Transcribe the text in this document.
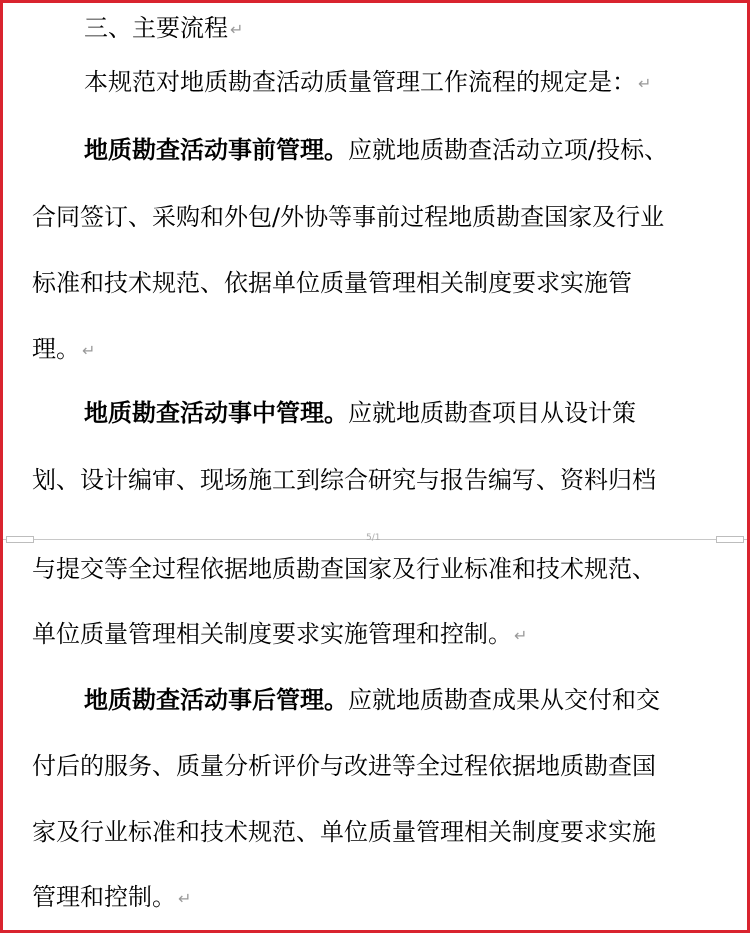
三、主要流程 ↵
本规范对地质勘查活动质量管理工作流程的规定是： ↵
地质勘查活动事前管理。应就地质勘查活动立项/投标、
合同签订、采购和外包/外协等事前过程地质勘查国家及行业
标准和技术规范、依据单位质量管理相关制度要求实施管
理。 ↵
地质勘查活动事中管理。应就地质勘查项目从设计策
划、设计编审、现场施工到综合研究与报告编写、资料归档
5/1
与提交等全过程依据地质勘查国家及行业标准和技术规范、
单位质量管理相关制度要求实施管理和控制。 ↵
地质勘查活动事后管理。应就地质勘查成果从交付和交
付后的服务、质量分析评价与改进等全过程依据地质勘查国
家及行业标准和技术规范、单位质量管理相关制度要求实施
管理和控制。 ↵
